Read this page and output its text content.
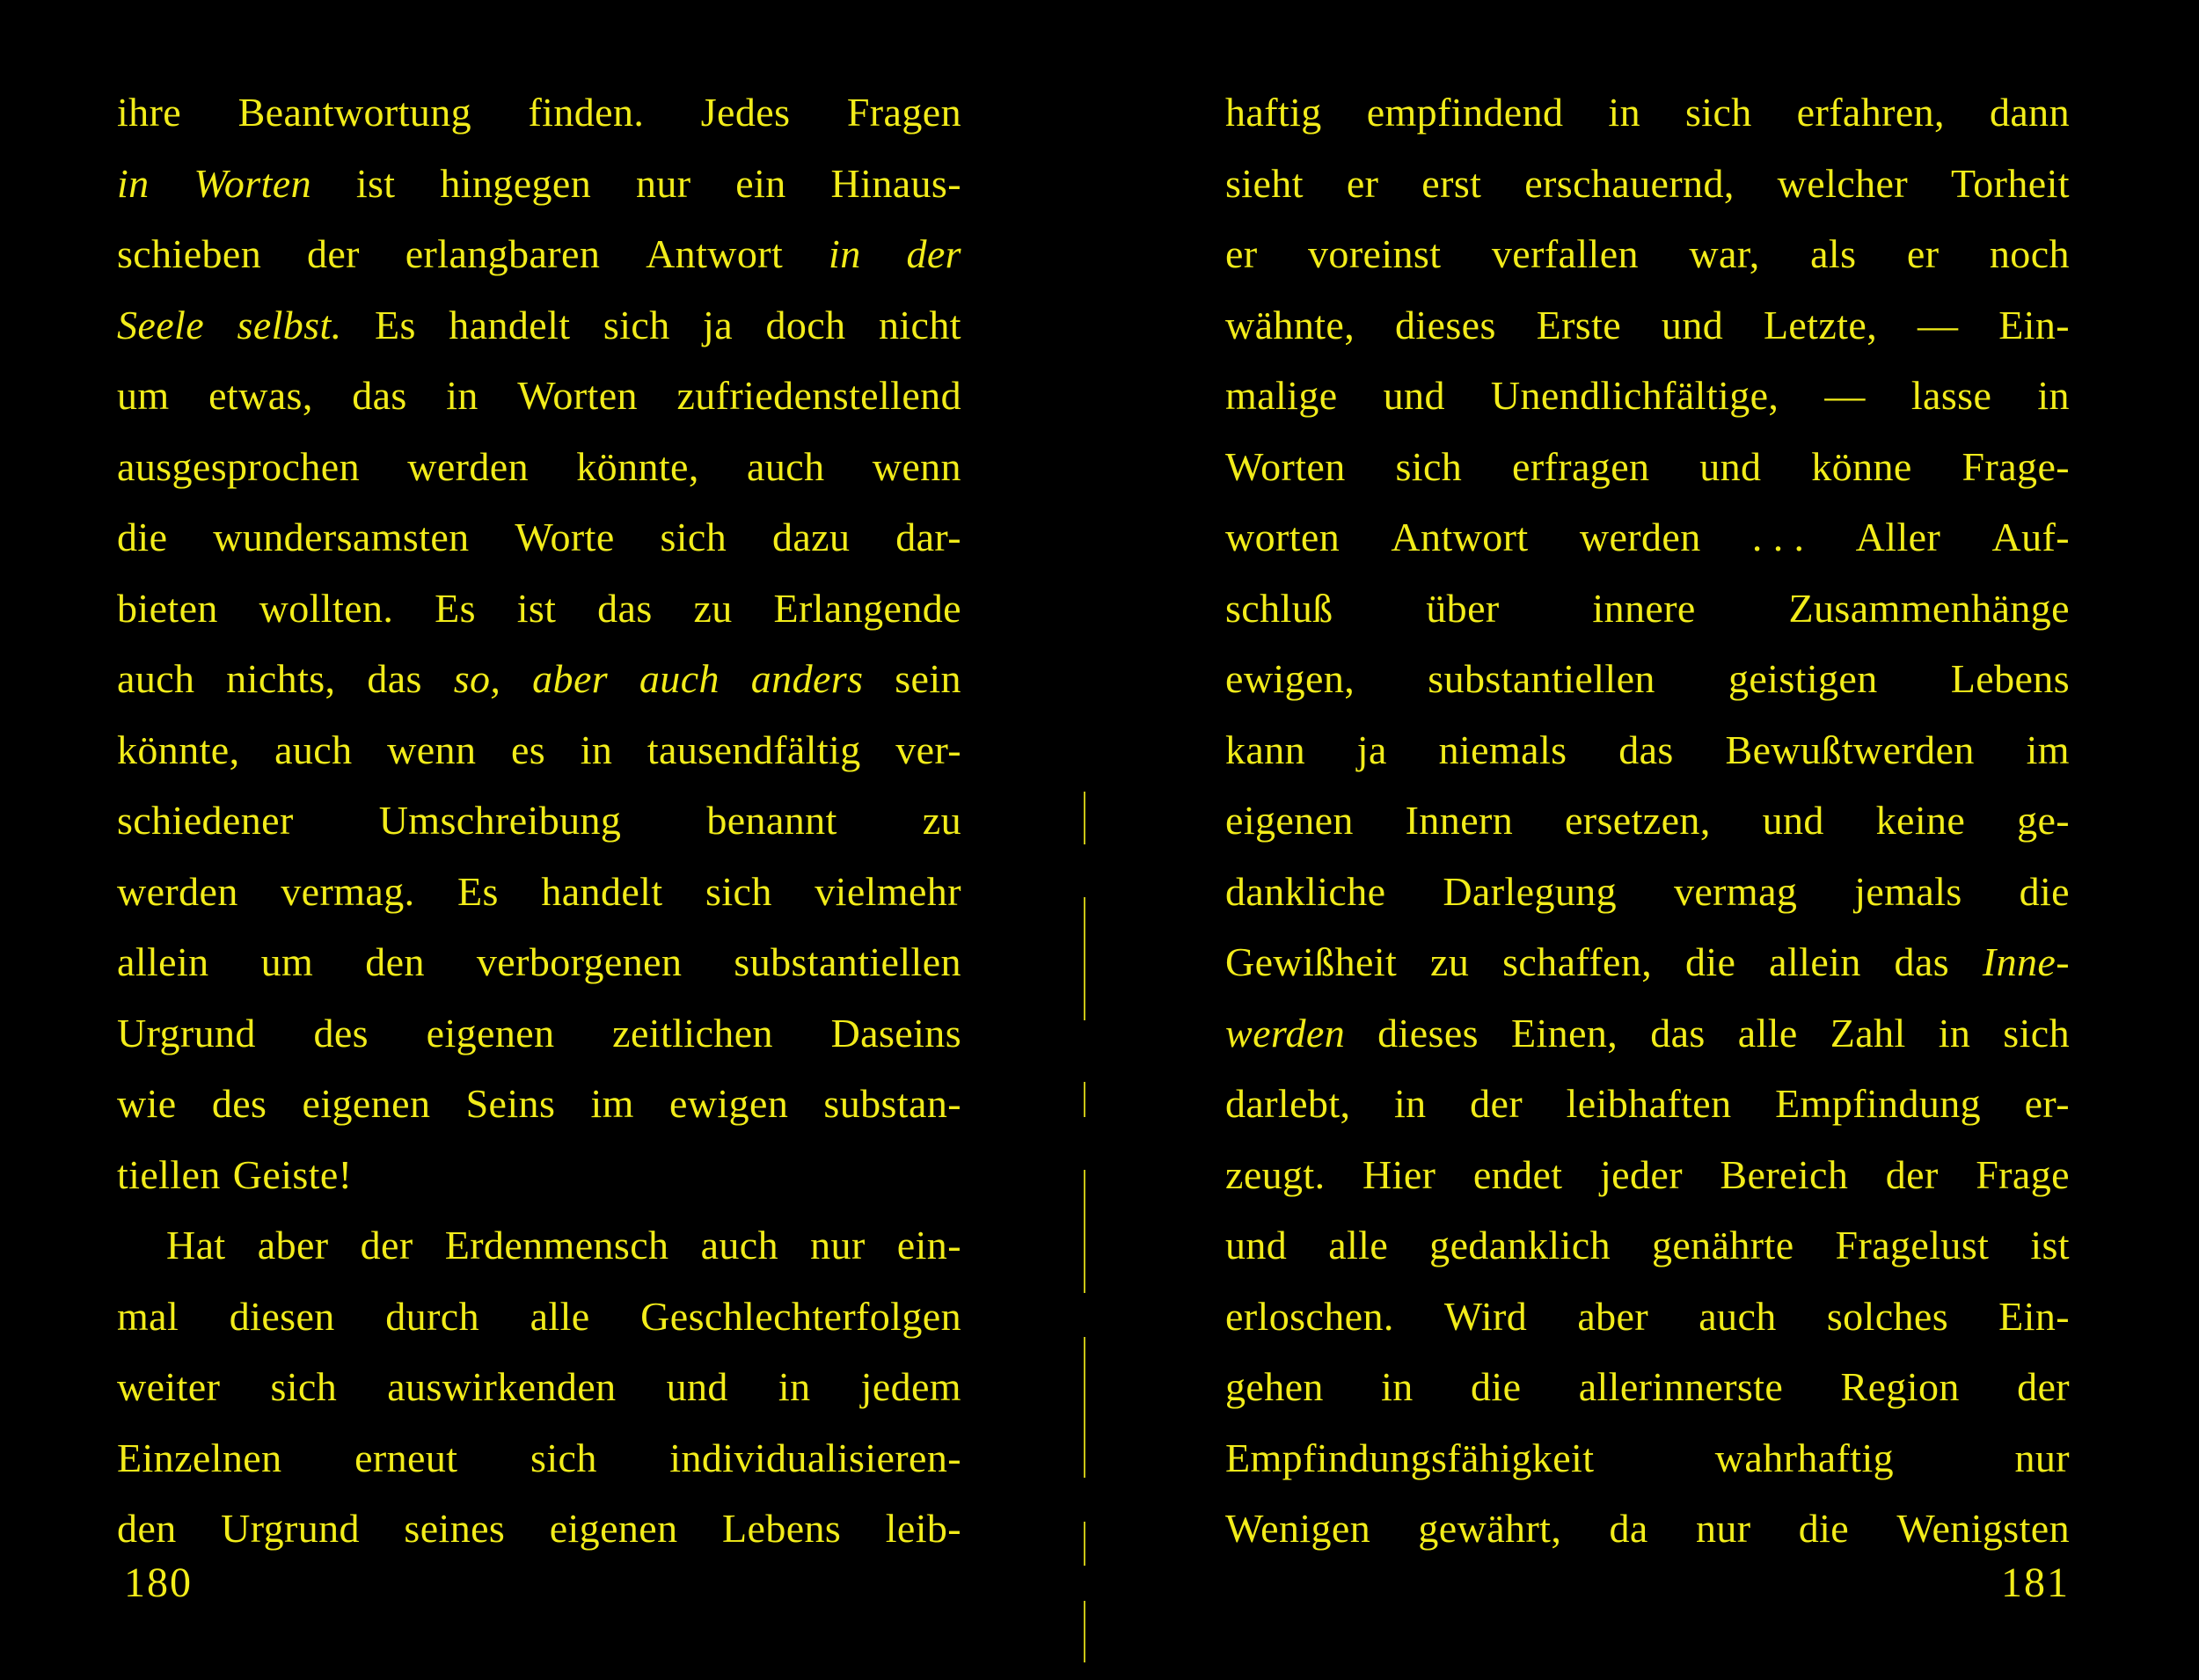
ihre Beantwortung finden. Jedes Fragen
in Worten ist hingegen nur ein Hinaus-
schieben der erlangbaren Antwort in der
Seele selbst. Es handelt sich ja doch nicht
um etwas, das in Worten zufriedenstellend
ausgesprochen werden könnte, auch wenn
die wundersamsten Worte sich dazu dar-
bieten wollten. Es ist das zu Erlangende
auch nichts, das so, aber auch anders sein
könnte, auch wenn es in tausendfältig ver-
schiedener Umschreibung benannt zu
werden vermag. Es handelt sich vielmehr
allein um den verborgenen substantiellen
Urgrund des eigenen zeitlichen Daseins
wie des eigenen Seins im ewigen substan-
tiellen Geiste!
Hat aber der Erdenmensch auch nur ein-
mal diesen durch alle Geschlechterfolgen
weiter sich auswirkenden und in jedem
Einzelnen erneut sich individualisieren-
den Urgrund seines eigenen Lebens leib-
180
haftig empfindend in sich erfahren, dann
sieht er erst erschauernd, welcher Torheit
er voreinst verfallen war, als er noch
wähnte, dieses Erste und Letzte, — Ein-
malige und Unendlichfältige, — lasse in
Worten sich erfragen und könne Frage-
worten Antwort werden . . . Aller Auf-
schluß über innere Zusammenhänge
ewigen, substantiellen geistigen Lebens
kann ja niemals das Bewußtwerden im
eigenen Innern ersetzen, und keine ge-
dankliche Darlegung vermag jemals die
Gewißheit zu schaffen, die allein das Inne-
werden dieses Einen, das alle Zahl in sich
darlebt, in der leibhaften Empfindung er-
zeugt. Hier endet jeder Bereich der Frage
und alle gedanklich genährte Fragelust ist
erloschen. Wird aber auch solches Ein-
gehen in die allerinnerste Region der
Empfindungsfähigkeit	wahrhaftig	nur
Wenigen gewährt, da nur die Wenigsten
181
